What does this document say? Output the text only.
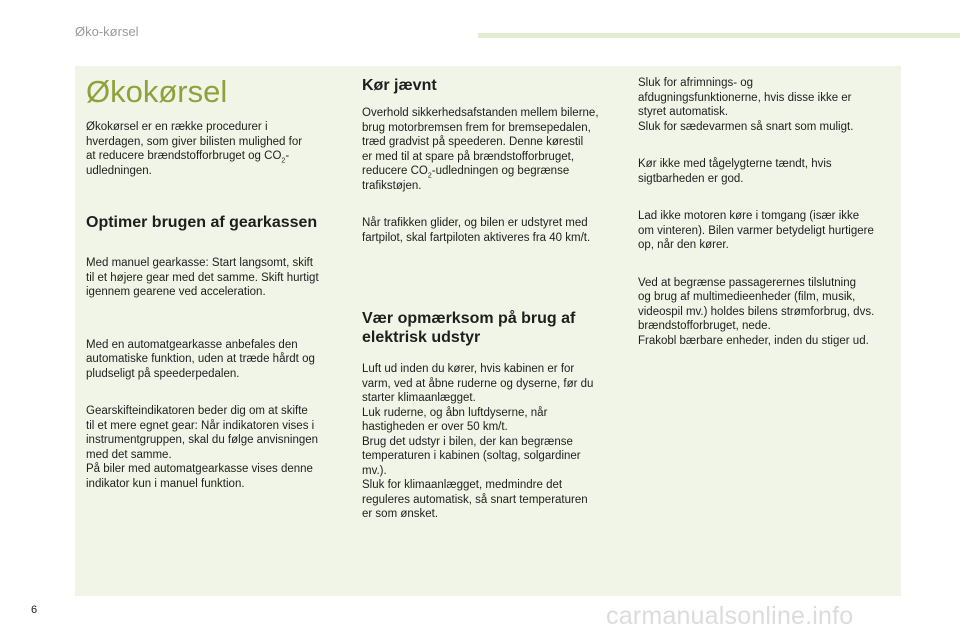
Øko-kørsel
Økokørsel

Økokørsel er en række procedurer i
hverdagen, som giver bilisten mulighed for
at reducere brændstofforbruget og $CO_2-$
udledningen.

Optimer brugen af gearkassen

Med manuel gearkasse: Start langsomt, skift
til et højere gear med det samme. Skift hurtigt
igennem gearene ved acceleration.

Med en automatgearkasse anbefales den
automatiske funktion, uden at træde hårdt og
pludseligt på speederpedalen.

Gearskifteindikatoren beder dig om at skifte
til et mere egnet gear: Når indikatoren vises i
instrumentgruppen, skal du følge anvisningen
med det samme.
På biler med automatgearkasse vises denne
indikator kun i manuel funktion.

Kør jævnt

Overhold sikkerhedsafstanden mellem bilerne,
brug motorbremsen frem for bremsepedalen,
træd gradvist på speederen. Denne kørestil
er med til at spare på brændstofforbruget,
reducere $CO_2$-udledningen og begrænse
trafikstøjen.

Når trafikken glider, og bilen er udstyret med
fartpilot, skal fartpiloten aktiveres fra 40 km/t.

Vær opmærksom på brug af
elektrisk udstyr

Luft ud inden du kører, hvis kabinen er for
varm, ved at åbne ruderne og dyserne, før du
starter klimaanlægget.
Luk ruderne, og åbn luftdyserne, når
hastigheden er over 50 km/t.
Brug det udstyr i bilen, der kan begrænse
temperaturen i kabinen (soltag, solgardiner
mv.).
Sluk for klimaanlægget, medmindre det
reguleres automatisk, så snart temperaturen
er som ønsket.

Sluk for afrimnings- og
afdugningsfunktionerne, hvis disse ikke er
styret automatisk.
Sluk for sædevarmen så snart som muligt.

Kør ikke med tågelygterne tændt, hvis
sigtbarheden er god.

Lad ikke motoren køre i tomgang (især ikke
om vinteren). Bilen varmer betydeligt hurtigere
op, når den kører.

Ved at begrænse passagerernes tilslutning
og brug af multimedieenheder (film, musik,
videospil mv.) holdes bilens strømforbrug, dvs.
brændstofforbruget, nede.
Frakobl bærbare enheder, inden du stiger ud.

6	carmanualsonline.info
